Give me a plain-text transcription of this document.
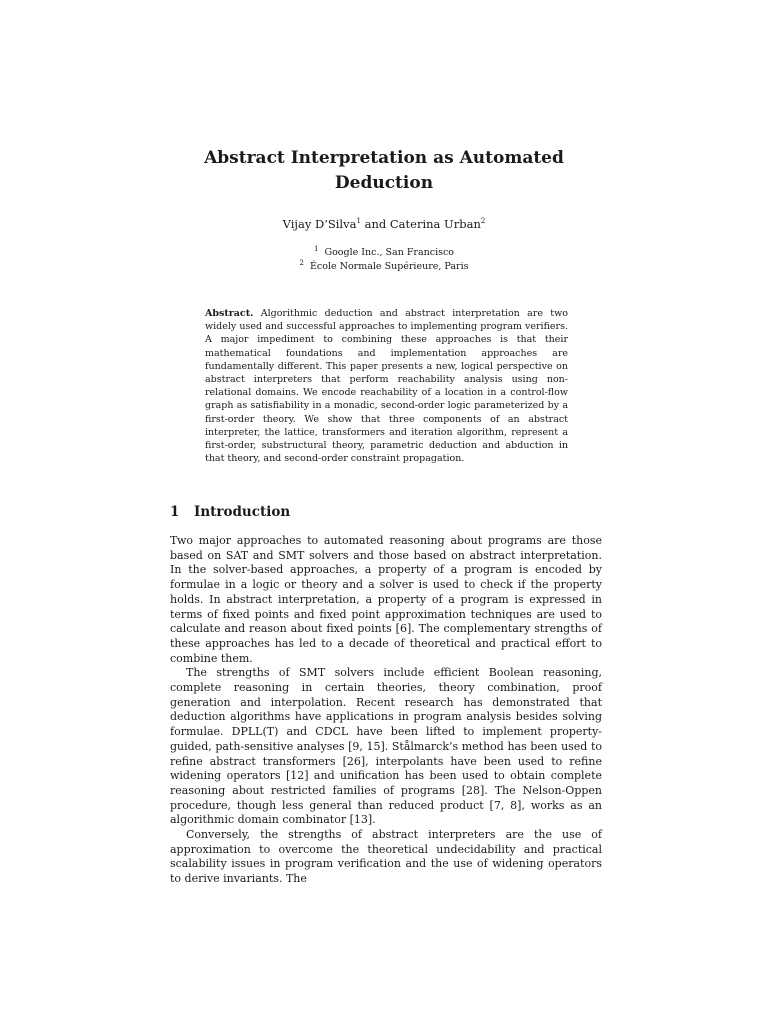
Abstract Interpretation as Automated
Deduction
Vijay D’Silva$^1$ and Caterina Urban$^2$
$^1$ Google Inc., San Francisco
$^2$ École Normale Supérieure, Paris
Abstract. Algorithmic deduction and abstract interpretation are two widely used and successful approaches to implementing program verifiers. A major impediment to combining these approaches is that their mathematical foundations and implementation approaches are fundamentally different. This paper presents a new, logical perspective on abstract interpreters that perform reachability analysis using non-relational domains. We encode reachability of a location in a control-flow graph as satisfiability in a monadic, second-order logic parameterized by a first-order theory. We show that three components of an abstract interpreter, the lattice, transformers and iteration algorithm, represent a first-order, substructural theory, parametric deduction and abduction in that theory, and second-order constraint propagation.
1 Introduction

Two major approaches to automated reasoning about programs are those based on SAT and SMT solvers and those based on abstract interpretation. In the solver-based approaches, a property of a program is encoded by formulae in a logic or theory and a solver is used to check if the property holds. In abstract interpretation, a property of a program is expressed in terms of fixed points and fixed point approximation techniques are used to calculate and reason about fixed points [6]. The complementary strengths of these approaches has led to a decade of theoretical and practical effort to combine them.

The strengths of SMT solvers include efficient Boolean reasoning, complete reasoning in certain theories, theory combination, proof generation and interpolation. Recent research has demonstrated that deduction algorithms have applications in program analysis besides solving formulae. DPLL(T) and CDCL have been lifted to implement property-guided, path-sensitive analyses [9, 15]. Stålmarck’s method has been used to refine abstract transformers [26], interpolants have been used to refine widening operators [12] and unification has been used to obtain complete reasoning about restricted families of programs [28]. The Nelson-Oppen procedure, though less general than reduced product [7, 8], works as an algorithmic domain combinator [13].

Conversely, the strengths of abstract interpreters are the use of approximation to overcome the theoretical undecidability and practical scalability issues in program verification and the use of widening operators to derive invariants. The
